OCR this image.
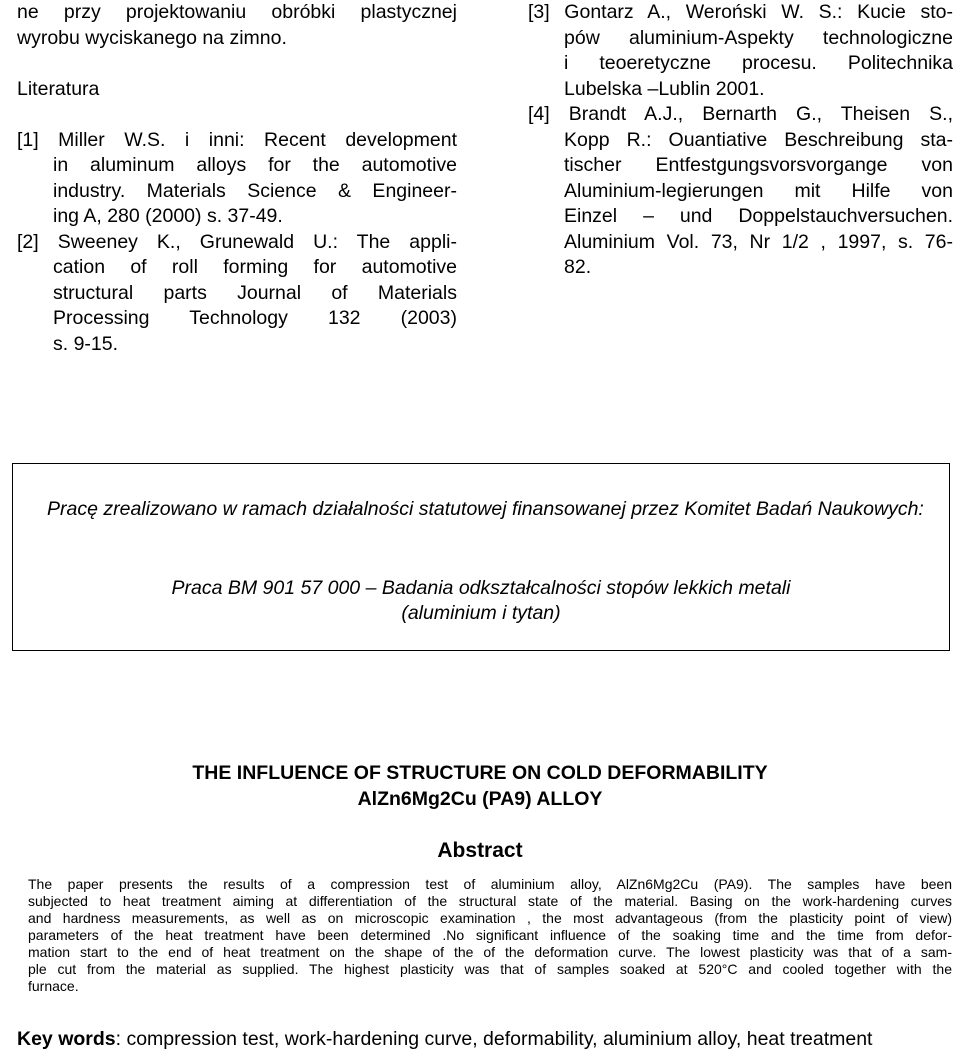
ne przy projektowaniu obróbki plastycznej
wyrobu wyciskanego na zimno.
Literatura
[1] Miller W.S. i inni: Recent development
in aluminum alloys for the automotive
industry. Materials Science & Engineer-
ing A, 280 (2000) s. 37-49.
[2] Sweeney K., Grunewald U.: The appli-
cation of roll forming for automotive
structural parts Journal of Materials
Processing Technology 132 (2003)
s. 9-15.
[3] Gontarz A., Weroński W. S.: Kucie sto-
pów aluminium-Aspekty technologiczne
i teoeretyczne procesu. Politechnika
Lubelska –Lublin 2001.
[4] Brandt A.J., Bernarth G., Theisen S.,
Kopp R.: Ouantiative Beschreibung sta-
tischer Entfestgungsvorsvorgange von
Aluminium-legierungen mit Hilfe von
Einzel – und Doppelstauchversuchen.
Aluminium Vol. 73, Nr 1/2 , 1997, s. 76-
82.
Pracę zrealizowano w ramach działalności statutowej finansowanej przez Komitet Badań Naukowych:
Praca BM 901 57 000 – Badania odkształcalności stopów lekkich metali
(aluminium i tytan)
THE INFLUENCE OF STRUCTURE ON COLD DEFORMABILITY
AlZn6Mg2Cu (PA9) ALLOY
Abstract
The paper presents the results of a compression test of aluminium alloy, AlZn6Mg2Cu (PA9). The samples have been
subjected to heat treatment aiming at differentiation of the structural state of the material. Basing on the work-hardening curves
and hardness measurements, as well as on microscopic examination , the most advantageous (from the plasticity point of view)
parameters of the heat treatment have been determined .No significant influence of the soaking time and the time from defor-
mation start to the end of heat treatment on the shape of the of the deformation curve. The lowest plasticity was that of a sam-
ple cut from the material as supplied. The highest plasticity was that of samples soaked at 520°C and cooled together with the
furnace.
Key words: compression test, work-hardening curve, deformability, aluminium alloy, heat treatment
